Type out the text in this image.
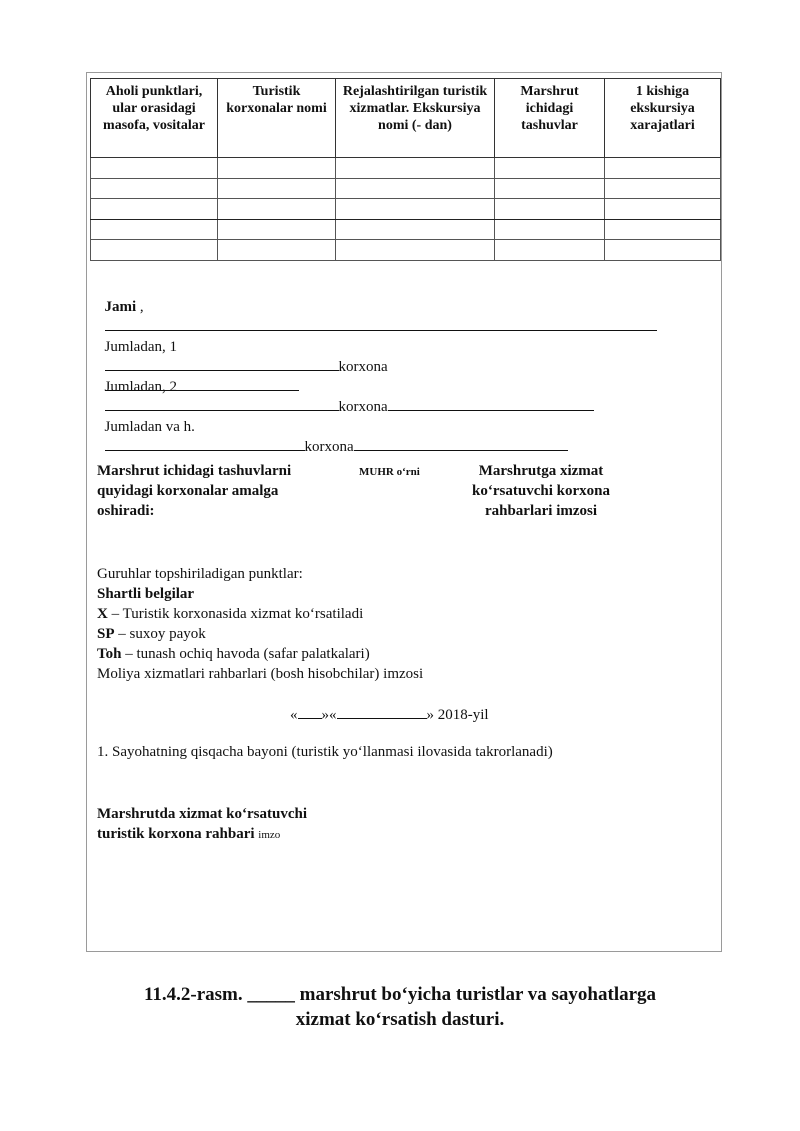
Aholi punktlari, ular orasidagi masofa, vositalar	Turistik korxonalar nomi	Rejalashtirilgan turistik xizmatlar. Ekskursiya nomi (- dan)	Marshrut ichidagi tashuvlar	1 kishiga ekskursiya xarajatlari

Jami ,

Jumladan, 1
korxona

Jumladan, 2
korxona

Jumladan va h.
korxona

Marshrut ichidagi tashuvlarni
quyidagi korxonalar amalga
oshiradi:
MUHR o‘rni	Marshrutga xizmat
ko‘rsatuvchi korxona
rahbarlari imzosi
Guruhlar topshiriladigan punktlar:
Shartli belgilar
X – Turistik korxonasida xizmat ko‘rsatiladi
SP – suxoy payok
Toh – tunash ochiq havoda (safar palatkalari)
Moliya xizmatlari rahbarlari (bosh hisobchilar) imzosi
« »«	» 2018-yil
1. Sayohatning qisqacha bayoni (turistik yo‘llanmasi ilovasida takrorlanadi)
Marshrutda xizmat ko‘rsatuvchi
turistik korxona rahbari imzo
11.4.2-rasm. _____ marshrut bo‘yicha turistlar va sayohatlarga
xizmat ko‘rsatish dasturi.
